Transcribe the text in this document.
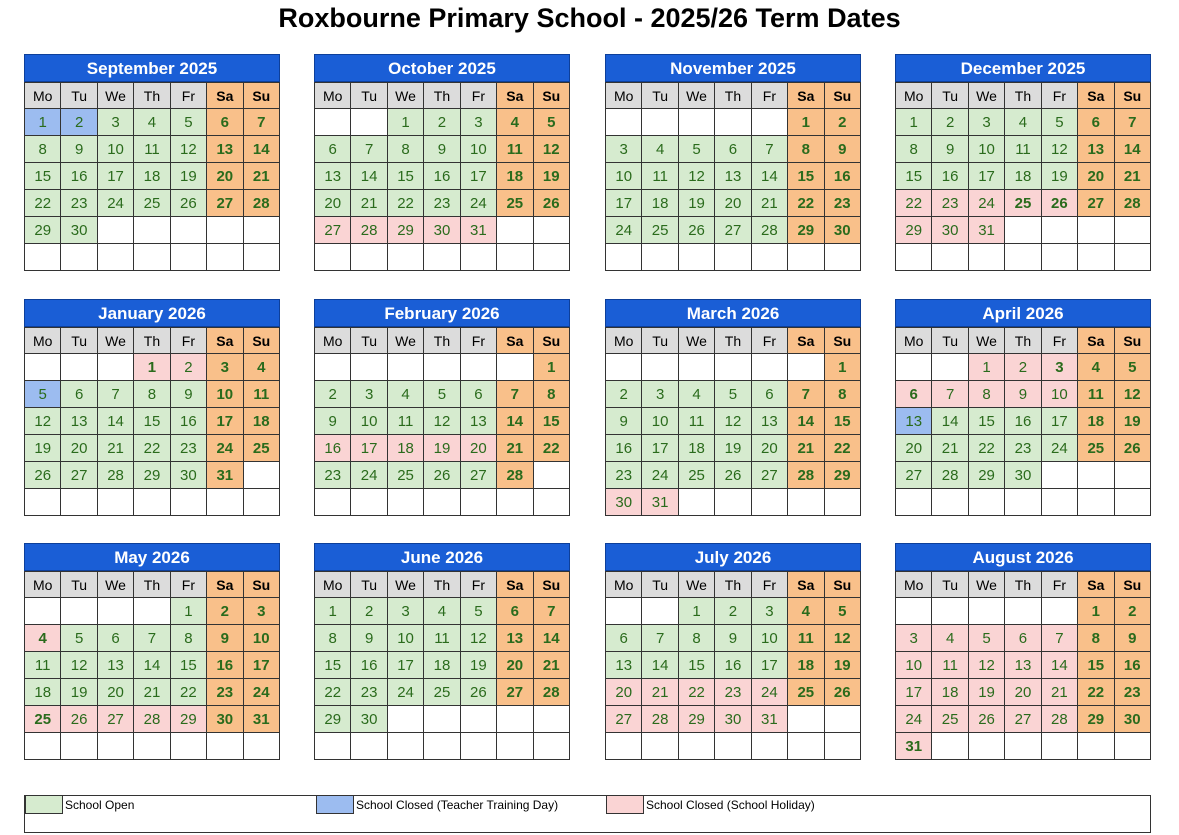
Roxbourne Primary School - 2025/26 Term Dates
September 2025
Mo	Tu	We	Th	Fr	Sa	Su
1	2	3	4	5	6	7
8	9	10	11	12	13	14
15	16	17	18	19	20	21
22	23	24	25	26	27	28
29	30					

October 2025
Mo	Tu	We	Th	Fr	Sa	Su
		1	2	3	4	5
6	7	8	9	10	11	12
13	14	15	16	17	18	19
20	21	22	23	24	25	26
27	28	29	30	31		

November 2025
Mo	Tu	We	Th	Fr	Sa	Su
					1	2
3	4	5	6	7	8	9
10	11	12	13	14	15	16
17	18	19	20	21	22	23
24	25	26	27	28	29	30

December 2025
Mo	Tu	We	Th	Fr	Sa	Su
1	2	3	4	5	6	7
8	9	10	11	12	13	14
15	16	17	18	19	20	21
22	23	24	25	26	27	28
29	30	31				

January 2026
Mo	Tu	We	Th	Fr	Sa	Su
			1	2	3	4
5	6	7	8	9	10	11
12	13	14	15	16	17	18
19	20	21	22	23	24	25
26	27	28	29	30	31	

February 2026
Mo	Tu	We	Th	Fr	Sa	Su
						1
2	3	4	5	6	7	8
9	10	11	12	13	14	15
16	17	18	19	20	21	22
23	24	25	26	27	28	

March 2026
Mo	Tu	We	Th	Fr	Sa	Su
						1
2	3	4	5	6	7	8
9	10	11	12	13	14	15
16	17	18	19	20	21	22
23	24	25	26	27	28	29
30	31					
April 2026
Mo	Tu	We	Th	Fr	Sa	Su
		1	2	3	4	5
6	7	8	9	10	11	12
13	14	15	16	17	18	19
20	21	22	23	24	25	26
27	28	29	30			

May 2026
Mo	Tu	We	Th	Fr	Sa	Su
				1	2	3
4	5	6	7	8	9	10
11	12	13	14	15	16	17
18	19	20	21	22	23	24
25	26	27	28	29	30	31

June 2026
Mo	Tu	We	Th	Fr	Sa	Su
1	2	3	4	5	6	7
8	9	10	11	12	13	14
15	16	17	18	19	20	21
22	23	24	25	26	27	28
29	30					

July 2026
Mo	Tu	We	Th	Fr	Sa	Su
		1	2	3	4	5
6	7	8	9	10	11	12
13	14	15	16	17	18	19
20	21	22	23	24	25	26
27	28	29	30	31		

August 2026
Mo	Tu	We	Th	Fr	Sa	Su
					1	2
3	4	5	6	7	8	9
10	11	12	13	14	15	16
17	18	19	20	21	22	23
24	25	26	27	28	29	30
31						
School Open	School Closed (Teacher Training Day)	School Closed (School Holiday)
